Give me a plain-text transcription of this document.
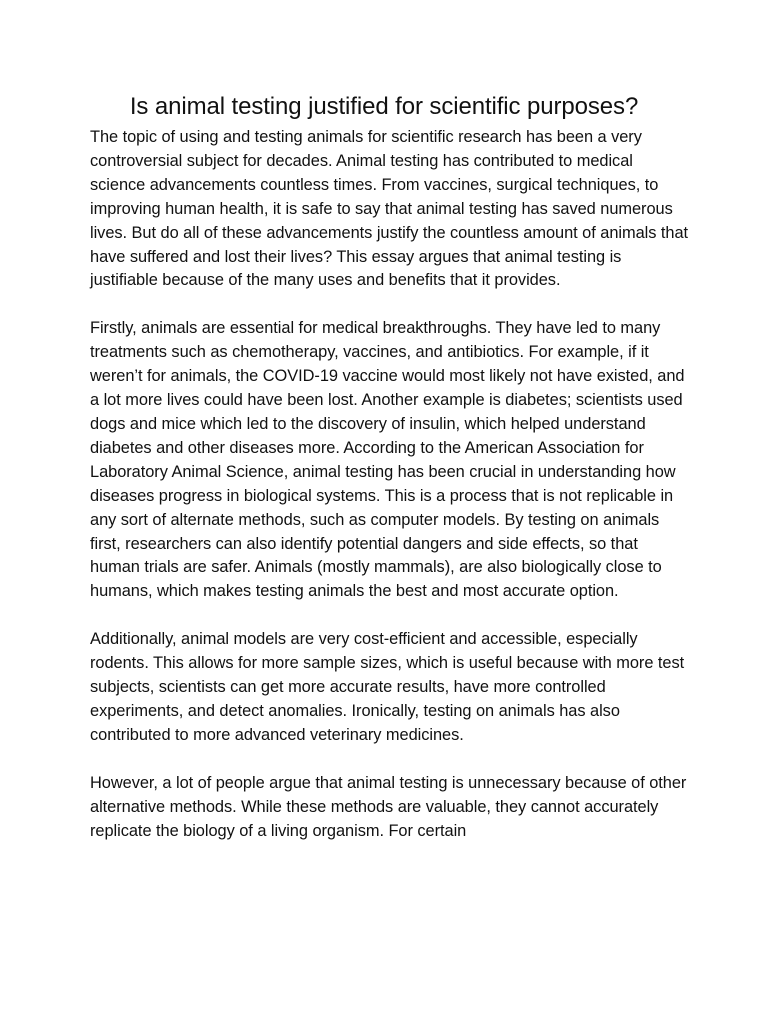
Is animal testing justified for scientific purposes?

The topic of using and testing animals for scientific research has been a very controversial subject for decades. Animal testing has contributed to medical science advancements countless times. From vaccines, surgical techniques, to improving human health, it is safe to say that animal testing has saved numerous lives. But do all of these advancements justify the countless amount of animals that have suffered and lost their lives? This essay argues that animal testing is justifiable because of the many uses and benefits that it provides.

Firstly, animals are essential for medical breakthroughs. They have led to many treatments such as chemotherapy, vaccines, and antibiotics. For example, if it weren’t for animals, the COVID-19 vaccine would most likely not have existed, and a lot more lives could have been lost. Another example is diabetes; scientists used dogs and mice which led to the discovery of insulin, which helped understand diabetes and other diseases more. According to the American Association for Laboratory Animal Science, animal testing has been crucial in understanding how diseases progress in biological systems. This is a process that is not replicable in any sort of alternate methods, such as computer models. By testing on animals first, researchers can also identify potential dangers and side effects, so that human trials are safer. Animals (mostly mammals), are also biologically close to humans, which makes testing animals the best and most accurate option.

Additionally, animal models are very cost-efficient and accessible, especially rodents. This allows for more sample sizes, which is useful because with more test subjects, scientists can get more accurate results, have more controlled experiments, and detect anomalies. Ironically, testing on animals has also contributed to more advanced veterinary medicines.

However, a lot of people argue that animal testing is unnecessary because of other alternative methods. While these methods are valuable, they cannot accurately replicate the biology of a living organism. For certain
